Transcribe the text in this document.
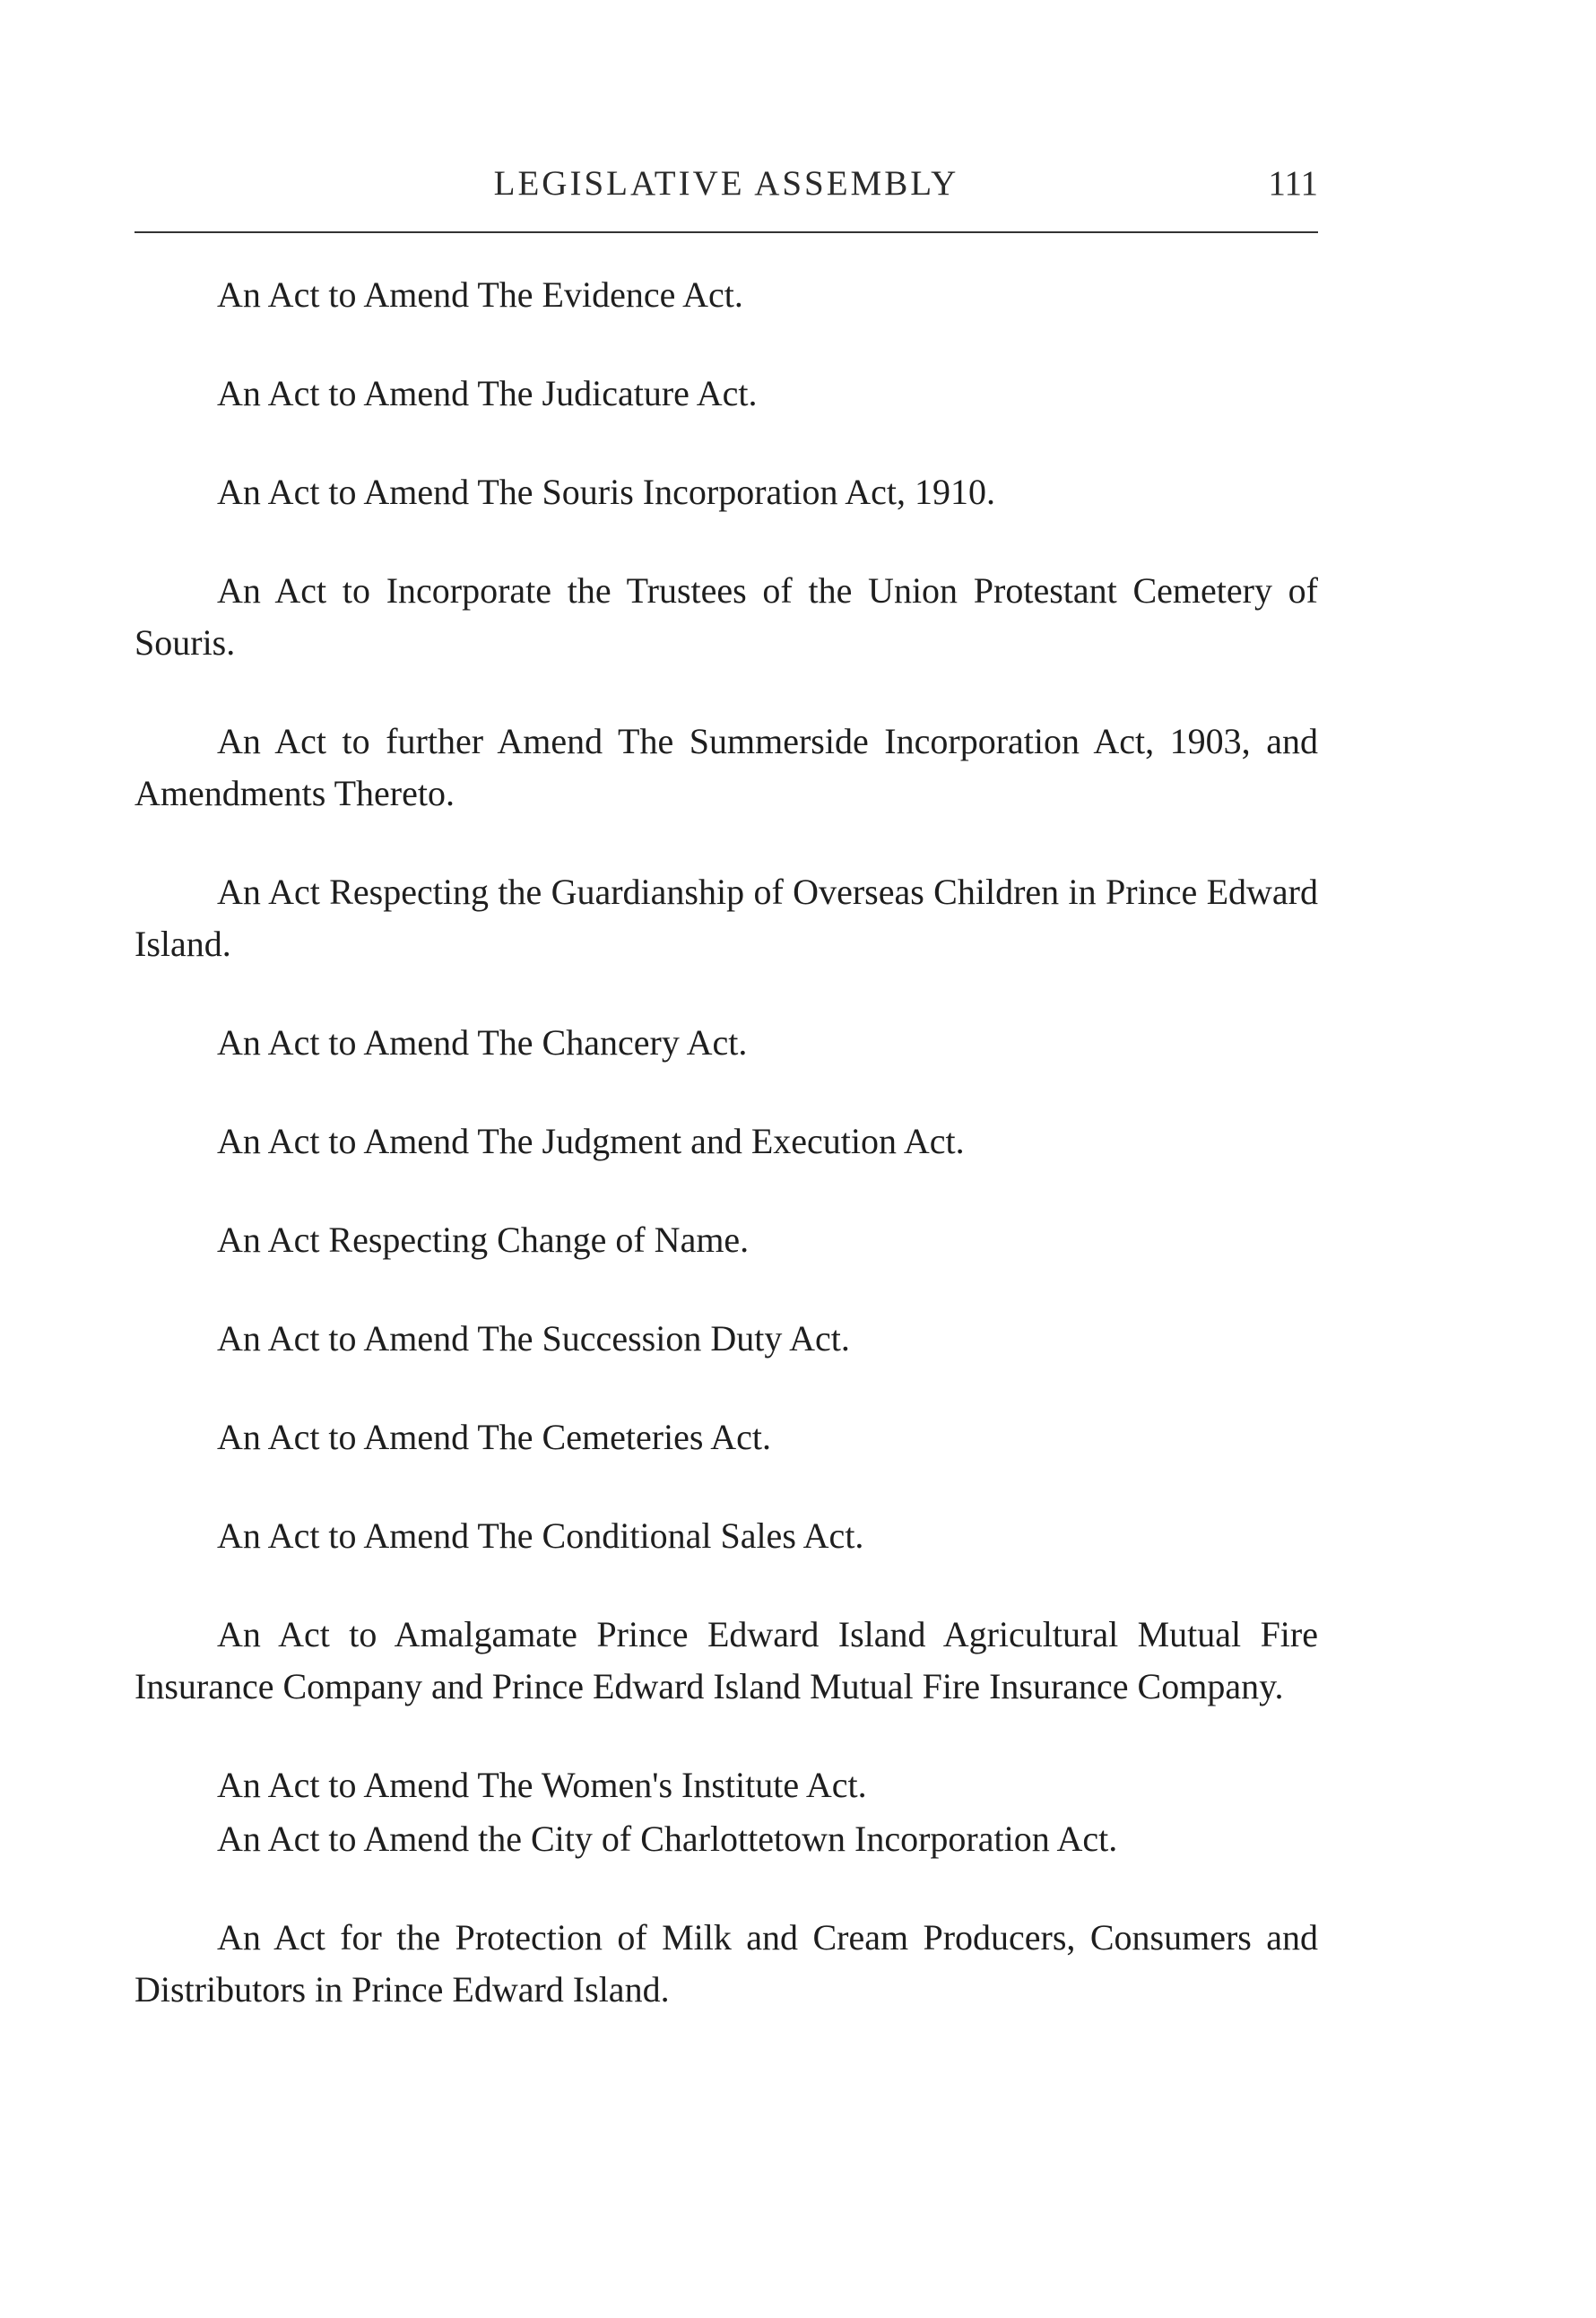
LEGISLATIVE ASSEMBLY	111
An Act to Amend The Evidence Act.
An Act to Amend The Judicature Act.
An Act to Amend The Souris Incorporation Act, 1910.
An Act to Incorporate the Trustees of the Union Protestant Cemetery of Souris.
An Act to further Amend The Summerside Incorporation Act, 1903, and Amendments Thereto.
An Act Respecting the Guardianship of Overseas Children in Prince Edward Island.
An Act to Amend The Chancery Act.
An Act to Amend The Judgment and Execution Act.
An Act Respecting Change of Name.
An Act to Amend The Succession Duty Act.
An Act to Amend The Cemeteries Act.
An Act to Amend The Conditional Sales Act.
An Act to Amalgamate Prince Edward Island Agricultural Mutual Fire Insurance Company and Prince Edward Island Mutual Fire Insurance Company.
An Act to Amend The Women's Institute Act.
An Act to Amend the City of Charlottetown Incorporation Act.
An Act for the Protection of Milk and Cream Producers, Consumers and Distributors in Prince Edward Island.
